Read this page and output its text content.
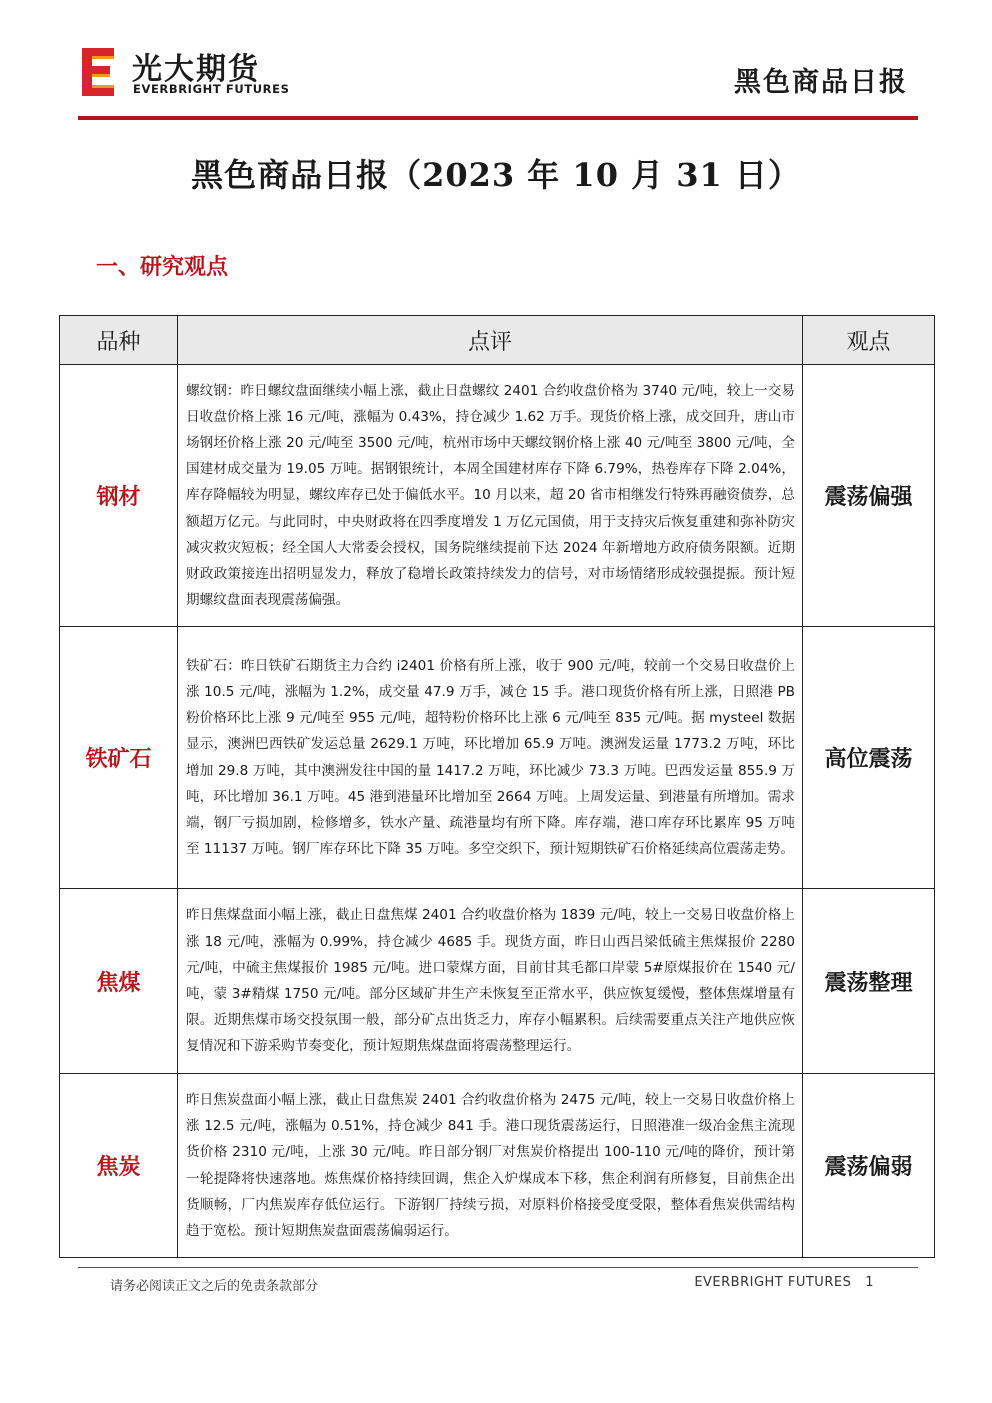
光大期货
EVERBRIGHT FUTURES	黑色商品日报
黑色商品日报（2023 年 10 月 31 日）
一、研究观点
品种	点评	观点
钢材	螺纹钢：昨日螺纹盘面继续小幅上涨，截止日盘螺纹 2401 合约收盘价格为 3740 元/吨，较上一交易日收盘价格上涨 16 元/吨，涨幅为 0.43%，持仓减少 1.62 万手。现货价格上涨，成交回升，唐山市场钢坯价格上涨 20 元/吨至 3500 元/吨，杭州市场中天螺纹钢价格上涨 40 元/吨至 3800 元/吨，全国建材成交量为 19.05 万吨。据钢银统计，本周全国建材库存下降 6.79%，热卷库存下降 2.04%，库存降幅较为明显，螺纹库存已处于偏低水平。10 月以来，超 20 省市相继发行特殊再融资债券，总额超万亿元。与此同时，中央财政将在四季度增发 1 万亿元国债，用于支持灾后恢复重建和弥补防灾减灾救灾短板；经全国人大常委会授权，国务院继续提前下达 2024 年新增地方政府债务限额。近期财政政策接连出招明显发力，释放了稳增长政策持续发力的信号，对市场情绪形成较强提振。预计短期螺纹盘面表现震荡偏强。	震荡偏强
铁矿石	铁矿石：昨日铁矿石期货主力合约 i2401 价格有所上涨，收于 900 元/吨，较前一个交易日收盘价上涨 10.5 元/吨，涨幅为 1.2%，成交量 47.9 万手，减仓 15 手。港口现货价格有所上涨，日照港 PB 粉价格环比上涨 9 元/吨至 955 元/吨，超特粉价格环比上涨 6 元/吨至 835 元/吨。据 mysteel 数据显示，澳洲巴西铁矿发运总量 2629.1 万吨，环比增加 65.9 万吨。澳洲发运量 1773.2 万吨，环比增加 29.8 万吨，其中澳洲发往中国的量 1417.2 万吨，环比减少 73.3 万吨。巴西发运量 855.9 万吨，环比增加 36.1 万吨。45 港到港量环比增加至 2664 万吨。上周发运量、到港量有所增加。需求端，钢厂亏损加剧，检修增多，铁水产量、疏港量均有所下降。库存端，港口库存环比累库 95 万吨至 11137 万吨。钢厂库存环比下降 35 万吨。多空交织下，预计短期铁矿石价格延续高位震荡走势。	高位震荡
焦煤	昨日焦煤盘面小幅上涨，截止日盘焦煤 2401 合约收盘价格为 1839 元/吨，较上一交易日收盘价格上涨 18 元/吨，涨幅为 0.99%，持仓减少 4685 手。现货方面，昨日山西吕梁低硫主焦煤报价 2280 元/吨，中硫主焦煤报价 1985 元/吨。进口蒙煤方面，目前甘其毛都口岸蒙 5#原煤报价在 1540 元/吨，蒙 3#精煤 1750 元/吨。部分区域矿井生产未恢复至正常水平，供应恢复缓慢，整体焦煤增量有限。近期焦煤市场交投氛围一般，部分矿点出货乏力，库存小幅累积。后续需要重点关注产地供应恢复情况和下游采购节奏变化，预计短期焦煤盘面将震荡整理运行。	震荡整理
焦炭	昨日焦炭盘面小幅上涨，截止日盘焦炭 2401 合约收盘价格为 2475 元/吨，较上一交易日收盘价格上涨 12.5 元/吨，涨幅为 0.51%，持仓减少 841 手。港口现货震荡运行，日照港准一级冶金焦主流现货价格 2310 元/吨，上涨 30 元/吨。昨日部分钢厂对焦炭价格提出 100-110 元/吨的降价，预计第一轮提降将快速落地。炼焦煤价格持续回调，焦企入炉煤成本下移，焦企利润有所修复，目前焦企出货顺畅，厂内焦炭库存低位运行。下游钢厂持续亏损，对原料价格接受度受限，整体看焦炭供需结构趋于宽松。预计短期焦炭盘面震荡偏弱运行。	震荡偏弱
请务必阅读正文之后的免责条款部分	EVERBRIGHT FUTURES   1
